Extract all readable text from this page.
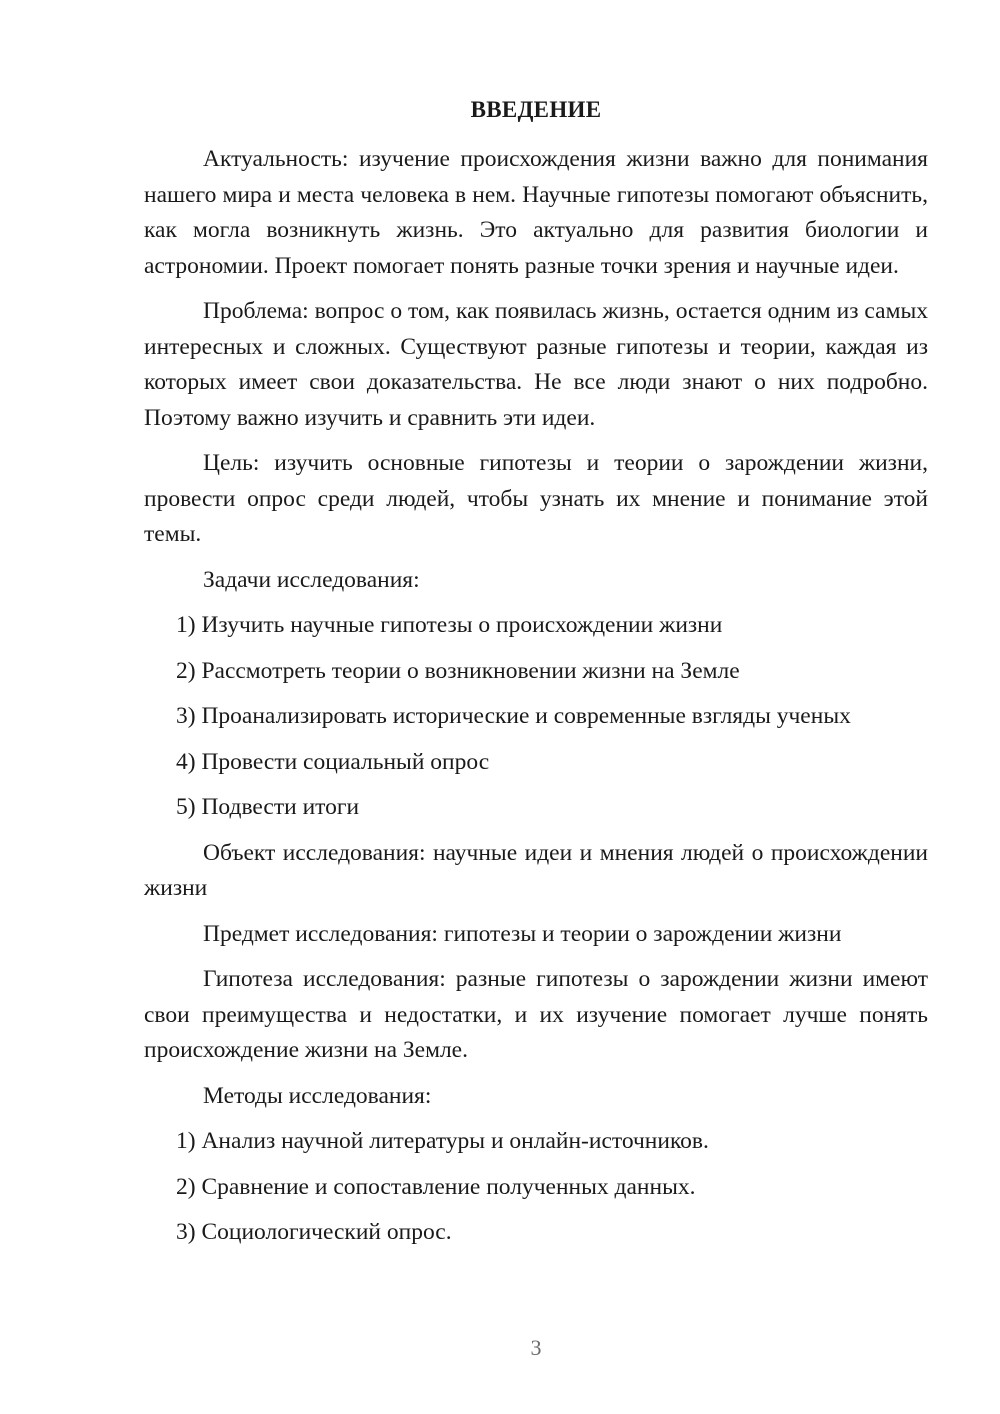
ВВЕДЕНИЕ

Актуальность: изучение происхождения жизни важно для понимания нашего мира и места человека в нем. Научные гипотезы помогают объяснить, как могла возникнуть жизнь. Это актуально для развития биологии и астрономии. Проект помогает понять разные точки зрения и научные идеи.

Проблема: вопрос о том, как появилась жизнь, остается одним из самых интересных и сложных. Существуют разные гипотезы и теории, каждая из которых имеет свои доказательства. Не все люди знают о них подробно. Поэтому важно изучить и сравнить эти идеи.

Цель: изучить основные гипотезы и теории о зарождении жизни, провести опрос среди людей, чтобы узнать их мнение и понимание этой темы.

Задачи исследования:

1) Изучить научные гипотезы о происхождении жизни

2) Рассмотреть теории о возникновении жизни на Земле

3) Проанализировать исторические и современные взгляды ученых

4) Провести социальный опрос

5) Подвести итоги

Объект исследования: научные идеи и мнения людей о происхождении жизни

Предмет исследования: гипотезы и теории о зарождении жизни

Гипотеза исследования: разные гипотезы о зарождении жизни имеют свои преимущества и недостатки, и их изучение помогает лучше понять происхождение жизни на Земле.

Методы исследования:

1) Анализ научной литературы и онлайн-источников.

2) Сравнение и сопоставление полученных данных.

3) Социологический опрос.

3
